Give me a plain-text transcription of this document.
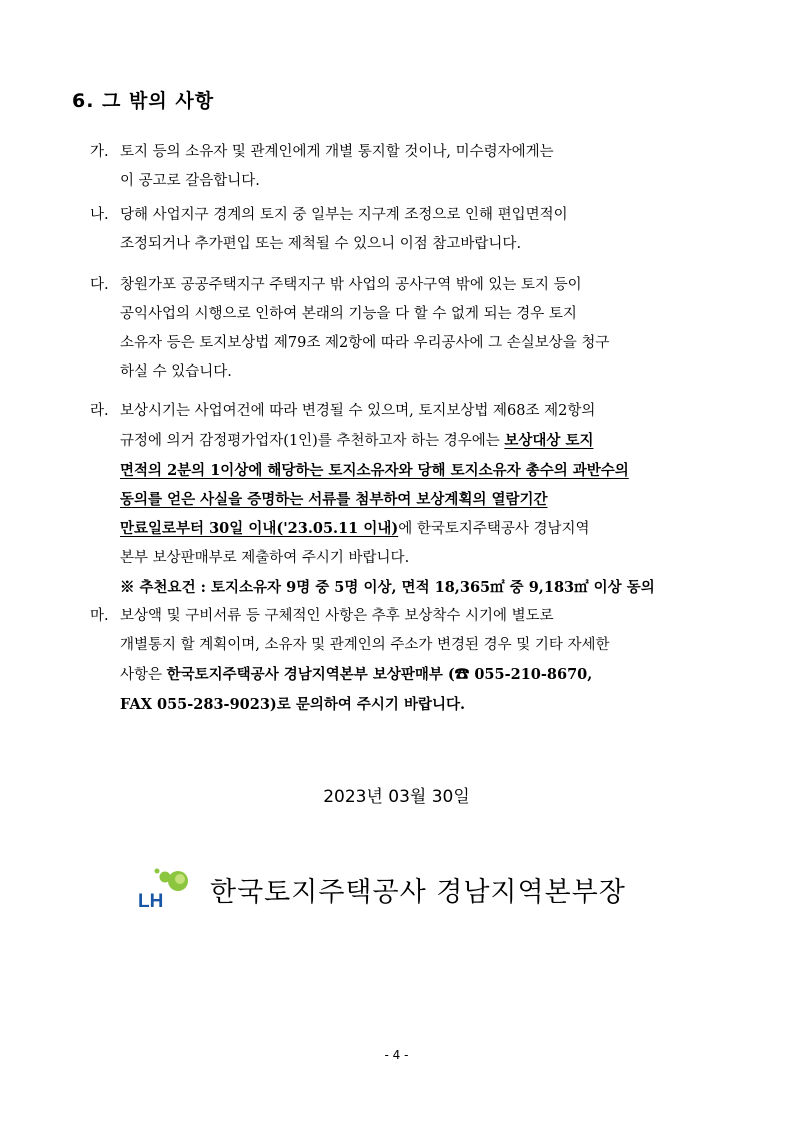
6. 그 밖의 사항
가. 토지 등의 소유자 및 관계인에게 개별 통지할 것이나, 미수령자에게는
이 공고로 갈음합니다.
나. 당해 사업지구 경계의 토지 중 일부는 지구계 조정으로 인해 편입면적이
조정되거나 추가편입 또는 제척될 수 있으니 이점 참고바랍니다.
다. 창원가포 공공주택지구 주택지구 밖 사업의 공사구역 밖에 있는 토지 등이
공익사업의 시행으로 인하여 본래의 기능을 다 할 수 없게 되는 경우 토지
소유자 등은 토지보상법 제79조 제2항에 따라 우리공사에 그 손실보상을 청구
하실 수 있습니다.
라. 보상시기는 사업여건에 따라 변경될 수 있으며, 토지보상법 제68조 제2항의
규정에 의거 감정평가업자(1인)를 추천하고자 하는 경우에는 보상대상 토지
면적의 2분의 1이상에 해당하는 토지소유자와 당해 토지소유자 총수의 과반수의
동의를 얻은 사실을 증명하는 서류를 첨부하여 보상계획의 열람기간
만료일로부터 30일 이내('23.05.11 이내)에 한국토지주택공사 경남지역
본부 보상판매부로 제출하여 주시기 바랍니다.
※ 추천요건 : 토지소유자 9명 중 5명 이상, 면적 18,365㎡ 중 9,183㎡ 이상 동의
마. 보상액 및 구비서류 등 구체적인 사항은 추후 보상착수 시기에 별도로
개별통지 할 계획이며, 소유자 및 관계인의 주소가 변경된 경우 및 기타 자세한
사항은 한국토지주택공사 경남지역본부 보상판매부 (☎ 055-210-8670,
FAX 055-283-9023)로 문의하여 주시기 바랍니다.
2023년 03월 30일
LH 한국토지주택공사 경남지역본부장
- 4 -
